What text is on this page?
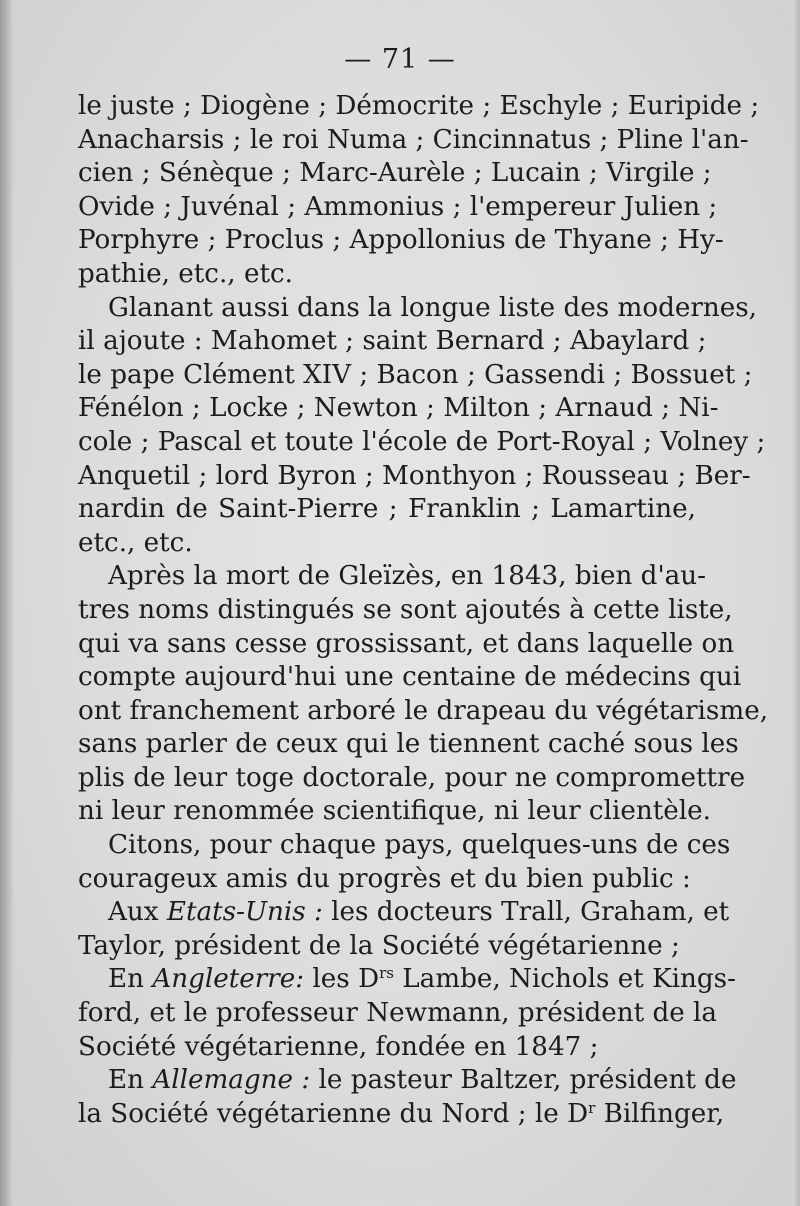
— 71 —
le juste ; Diogène ; Démocrite ; Eschyle ; Euripide ;
Anacharsis ; le roi Numa ; Cincinnatus ; Pline l'an-
cien ; Sénèque ; Marc-Aurèle ; Lucain ; Virgile ;
Ovide ; Juvénal ; Ammonius ; l'empereur Julien ;
Porphyre ; Proclus ; Appollonius de Thyane ; Hy-
pathie, etc., etc.
Glanant aussi dans la longue liste des modernes,
il ajoute : Mahomet ; saint Bernard ; Abaylard ;
le pape Clément XIV ; Bacon ; Gassendi ; Bossuet ;
Fénélon ; Locke ; Newton ; Milton ; Arnaud ; Ni-
cole ; Pascal et toute l'école de Port-Royal ; Volney ;
Anquetil ; lord Byron ; Monthyon ; Rousseau ; Ber-
nardin de Saint-Pierre ; Franklin ; Lamartine,
etc., etc.
Après la mort de Gleïzès, en 1843, bien d'au-
tres noms distingués se sont ajoutés à cette liste,
qui va sans cesse grossissant, et dans laquelle on
compte aujourd'hui une centaine de médecins qui
ont franchement arboré le drapeau du végétarisme,
sans parler de ceux qui le tiennent caché sous les
plis de leur toge doctorale, pour ne compromettre
ni leur renommée scientifique, ni leur clientèle.
Citons, pour chaque pays, quelques-uns de ces
courageux amis du progrès et du bien public :
Aux Etats-Unis : les docteurs Trall, Graham, et
Taylor, président de la Société végétarienne ;
En Angleterre: les $D^{rs}$ Lambe, Nichols et Kings-
ford, et le professeur Newmann, président de la
Société végétarienne, fondée en 1847 ;
En Allemagne : le pasteur Baltzer, président de
la Société végétarienne du Nord ; le $D^r$ Bilfinger,
